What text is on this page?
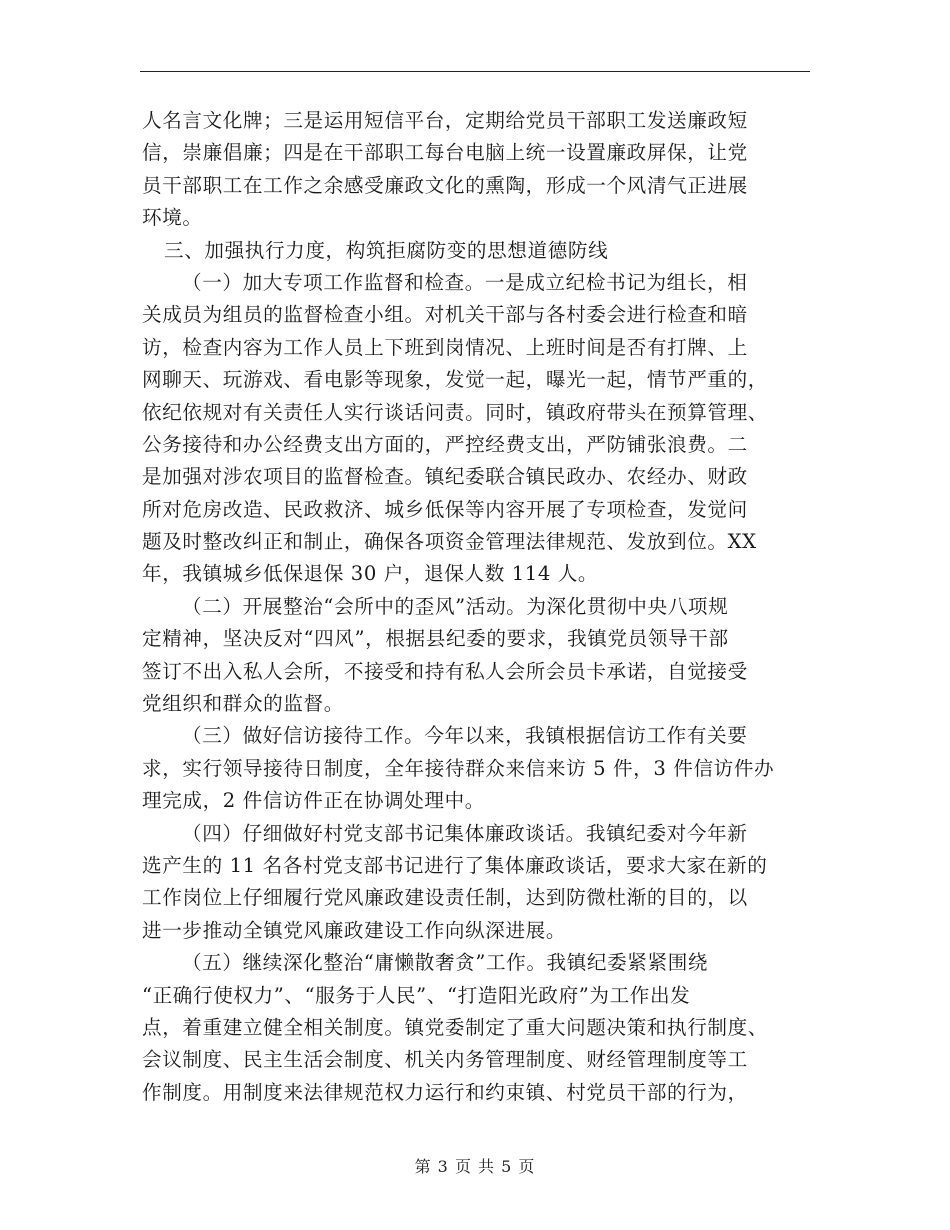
人名言文化牌；三是运用短信平台，定期给党员干部职工发送廉政短
信，崇廉倡廉；四是在干部职工每台电脑上统一设置廉政屏保，让党
员干部职工在工作之余感受廉政文化的熏陶，形成一个风清气正进展
环境。
三、加强执行力度，构筑拒腐防变的思想道德防线
（一）加大专项工作监督和检查。一是成立纪检书记为组长，相
关成员为组员的监督检查小组。对机关干部与各村委会进行检查和暗
访，检查内容为工作人员上下班到岗情况、上班时间是否有打牌、上
网聊天、玩游戏、看电影等现象，发觉一起，曝光一起，情节严重的，
依纪依规对有关责任人实行谈话问责。同时，镇政府带头在预算管理、
公务接待和办公经费支出方面的，严控经费支出，严防铺张浪费。二
是加强对涉农项目的监督检查。镇纪委联合镇民政办、农经办、财政
所对危房改造、民政救济、城乡低保等内容开展了专项检查，发觉问
题及时整改纠正和制止，确保各项资金管理法律规范、发放到位。XX
年，我镇城乡低保退保 30 户，退保人数 114 人。
（二）开展整治“会所中的歪风”活动。为深化贯彻中央八项规
定精神，坚决反对“四风”，根据县纪委的要求，我镇党员领导干部
签订不出入私人会所，不接受和持有私人会所会员卡承诺，自觉接受
党组织和群众的监督。
（三）做好信访接待工作。今年以来，我镇根据信访工作有关要
求，实行领导接待日制度，全年接待群众来信来访 5 件，3 件信访件办
理完成，2 件信访件正在协调处理中。
（四）仔细做好村党支部书记集体廉政谈话。我镇纪委对今年新
选产生的 11 名各村党支部书记进行了集体廉政谈话，要求大家在新的
工作岗位上仔细履行党风廉政建设责任制，达到防微杜渐的目的，以
进一步推动全镇党风廉政建设工作向纵深进展。
（五）继续深化整治“庸懒散奢贪”工作。我镇纪委紧紧围绕
“正确行使权力”、“服务于人民”、“打造阳光政府”为工作出发
点，着重建立健全相关制度。镇党委制定了重大问题决策和执行制度、
会议制度、民主生活会制度、机关内务管理制度、财经管理制度等工
作制度。用制度来法律规范权力运行和约束镇、村党员干部的行为，
第 3 页 共 5 页
